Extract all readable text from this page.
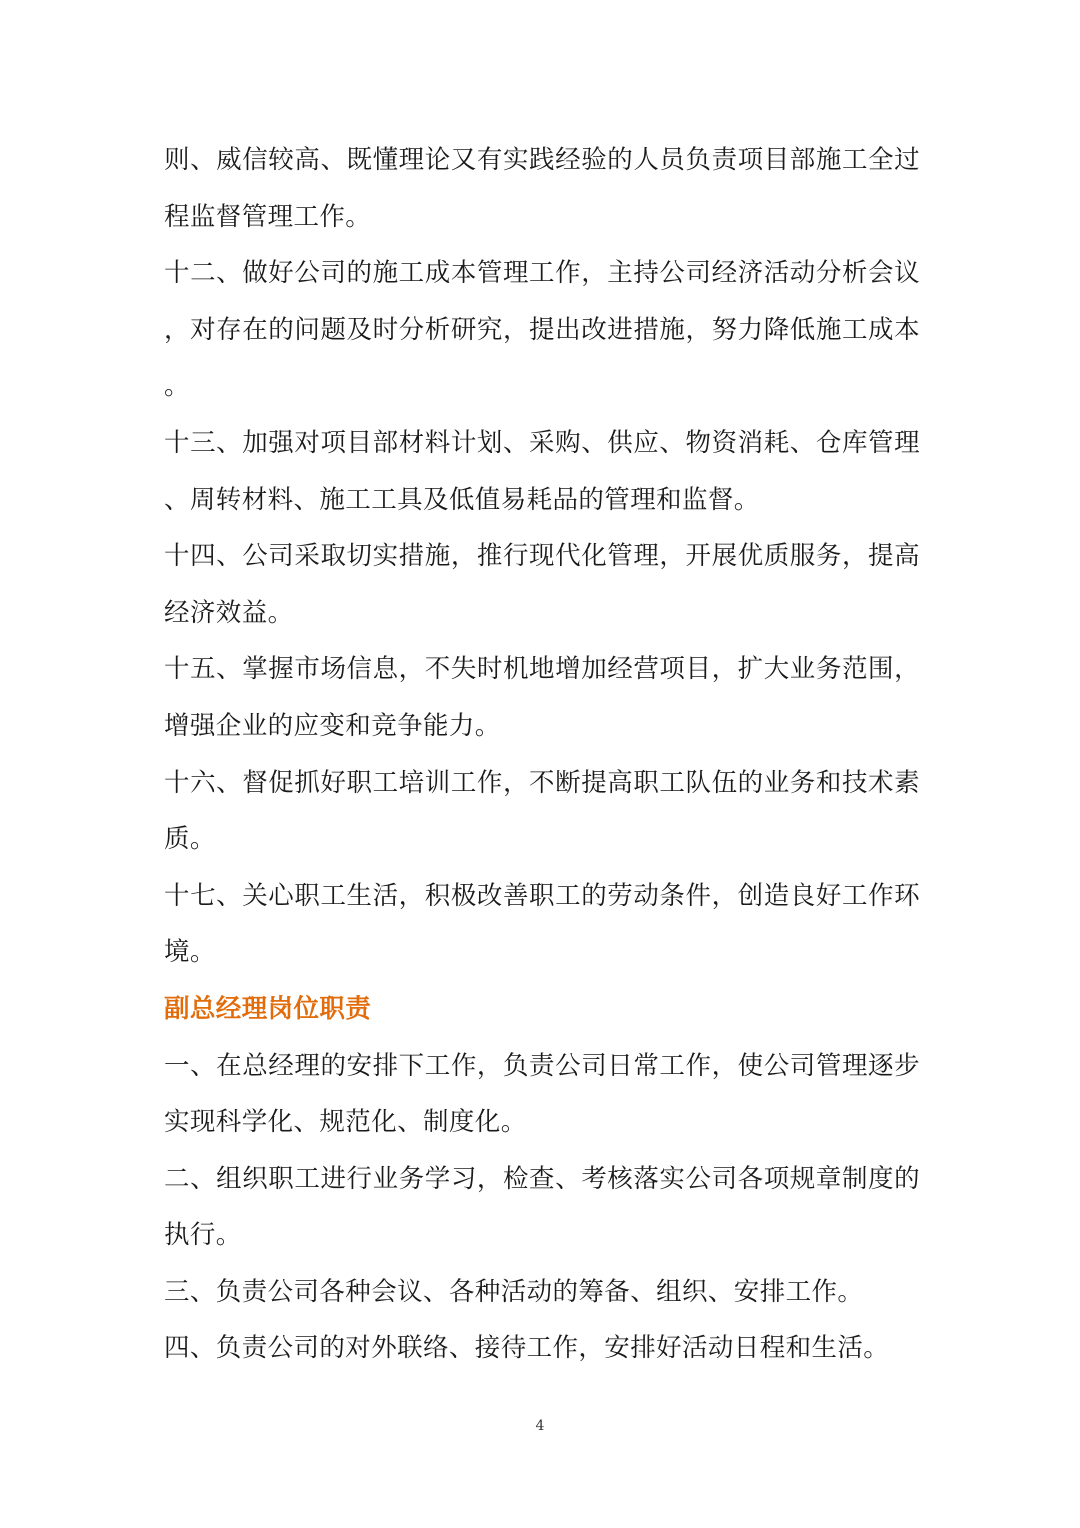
则、威信较高、既懂理论又有实践经验的人员负责项目部施工全过程监督管理工作。

十二、做好公司的施工成本管理工作，主持公司经济活动分析会议，对存在的问题及时分析研究，提出改进措施，努力降低施工成本。

十三、加强对项目部材料计划、采购、供应、物资消耗、仓库管理、周转材料、施工工具及低值易耗品的管理和监督。

十四、公司采取切实措施，推行现代化管理，开展优质服务，提高经济效益。

十五、掌握市场信息，不失时机地增加经营项目，扩大业务范围，增强企业的应变和竞争能力。

十六、督促抓好职工培训工作，不断提高职工队伍的业务和技术素质。

十七、关心职工生活，积极改善职工的劳动条件，创造良好工作环境。

副总经理岗位职责

一、在总经理的安排下工作，负责公司日常工作，使公司管理逐步实现科学化、规范化、制度化。

二、组织职工进行业务学习，检查、考核落实公司各项规章制度的执行。

三、负责公司各种会议、各种活动的筹备、组织、安排工作。

四、负责公司的对外联络、接待工作，安排好活动日程和生活。

4
